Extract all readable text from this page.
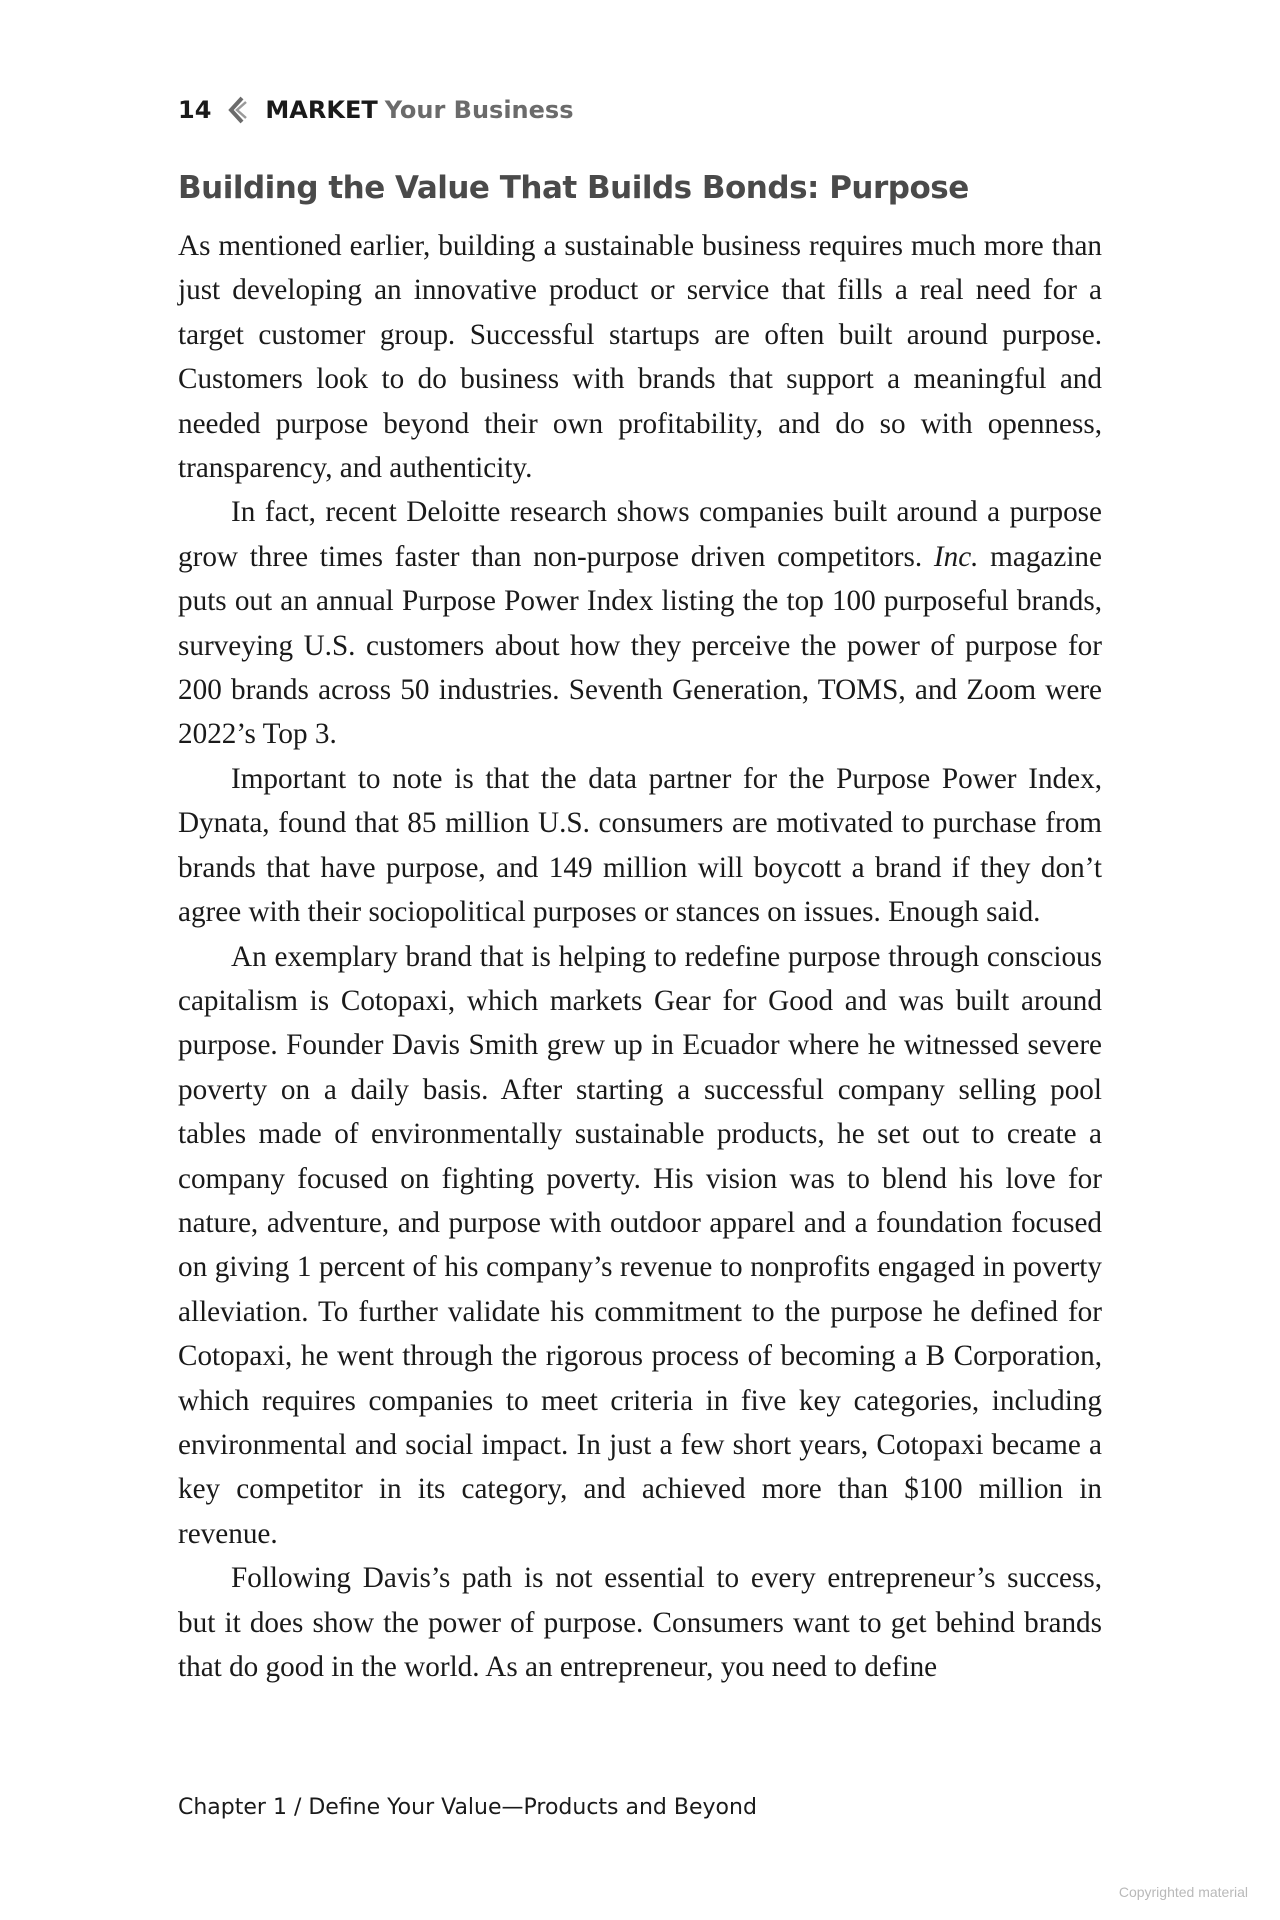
14 MARKET Your Business
Building the Value That Builds Bonds: Purpose

As mentioned earlier, building a sustainable business requires much more than just developing an innovative product or service that fills a real need for a target customer group. Successful startups are often built around purpose. Customers look to do business with brands that support a meaningful and needed purpose beyond their own profitability, and do so with openness, transparency, and authenticity.

In fact, recent Deloitte research shows companies built around a purpose grow three times faster than non-purpose driven competitors. Inc. magazine puts out an annual Purpose Power Index listing the top 100 purposeful brands, surveying U.S. customers about how they perceive the power of purpose for 200 brands across 50 industries. Seventh Generation, TOMS, and Zoom were 2022’s Top 3.

Important to note is that the data partner for the Purpose Power Index, Dynata, found that 85 million U.S. consumers are motivated to purchase from brands that have purpose, and 149 million will boycott a brand if they don’t agree with their sociopolitical purposes or stances on issues. Enough said.

An exemplary brand that is helping to redefine purpose through conscious capitalism is Cotopaxi, which markets Gear for Good and was built around purpose. Founder Davis Smith grew up in Ecuador where he witnessed severe poverty on a daily basis. After starting a successful company selling pool tables made of environmentally sustainable products, he set out to create a company focused on fighting poverty. His vision was to blend his love for nature, adventure, and purpose with outdoor apparel and a foundation focused on giving 1 percent of his company’s revenue to nonprofits engaged in poverty alleviation. To further validate his commitment to the purpose he defined for Cotopaxi, he went through the rigorous process of becoming a B Corporation, which requires companies to meet criteria in five key categories, including environmental and social impact. In just a few short years, Cotopaxi became a key competitor in its category, and achieved more than $100 million in revenue.

Following Davis’s path is not essential to every entrepreneur’s success, but it does show the power of purpose. Consumers want to get behind brands that do good in the world. As an entrepreneur, you need to define

Chapter 1 / Define Your Value—Products and Beyond
Copyrighted material
